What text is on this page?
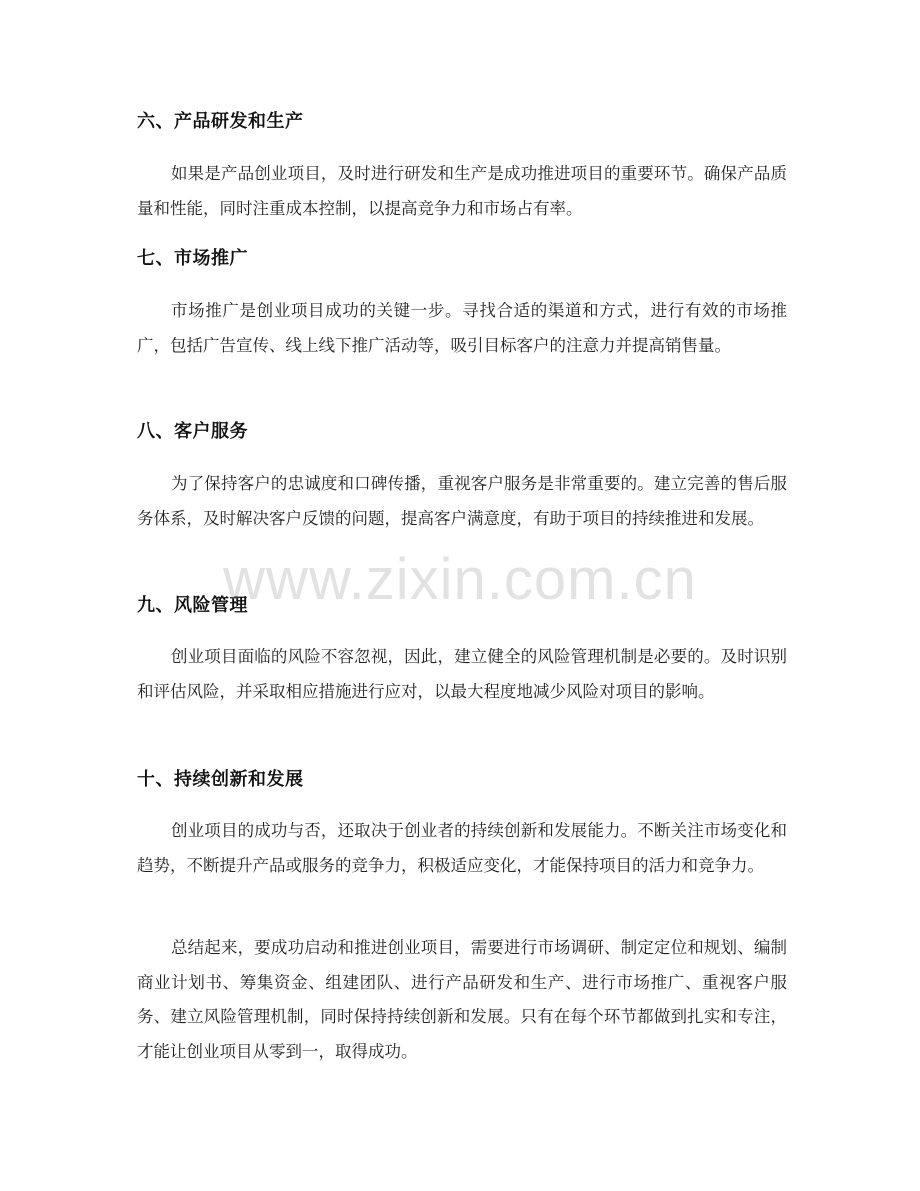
六、产品研发和生产

如果是产品创业项目，及时进行研发和生产是成功推进项目的重要环节。确保产品质量和性能，同时注重成本控制，以提高竞争力和市场占有率。

七、市场推广

市场推广是创业项目成功的关键一步。寻找合适的渠道和方式，进行有效的市场推广，包括广告宣传、线上线下推广活动等，吸引目标客户的注意力并提高销售量。

八、客户服务

为了保持客户的忠诚度和口碑传播，重视客户服务是非常重要的。建立完善的售后服务体系，及时解决客户反馈的问题，提高客户满意度，有助于项目的持续推进和发展。

九、风险管理

创业项目面临的风险不容忽视，因此，建立健全的风险管理机制是必要的。及时识别和评估风险，并采取相应措施进行应对，以最大程度地减少风险对项目的影响。

十、持续创新和发展

创业项目的成功与否，还取决于创业者的持续创新和发展能力。不断关注市场变化和趋势，不断提升产品或服务的竞争力，积极适应变化，才能保持项目的活力和竞争力。

总结起来，要成功启动和推进创业项目，需要进行市场调研、制定定位和规划、编制商业计划书、筹集资金、组建团队、进行产品研发和生产、进行市场推广、重视客户服务、建立风险管理机制，同时保持持续创新和发展。只有在每个环节都做到扎实和专注，才能让创业项目从零到一，取得成功。

www.zixin.com.cn
